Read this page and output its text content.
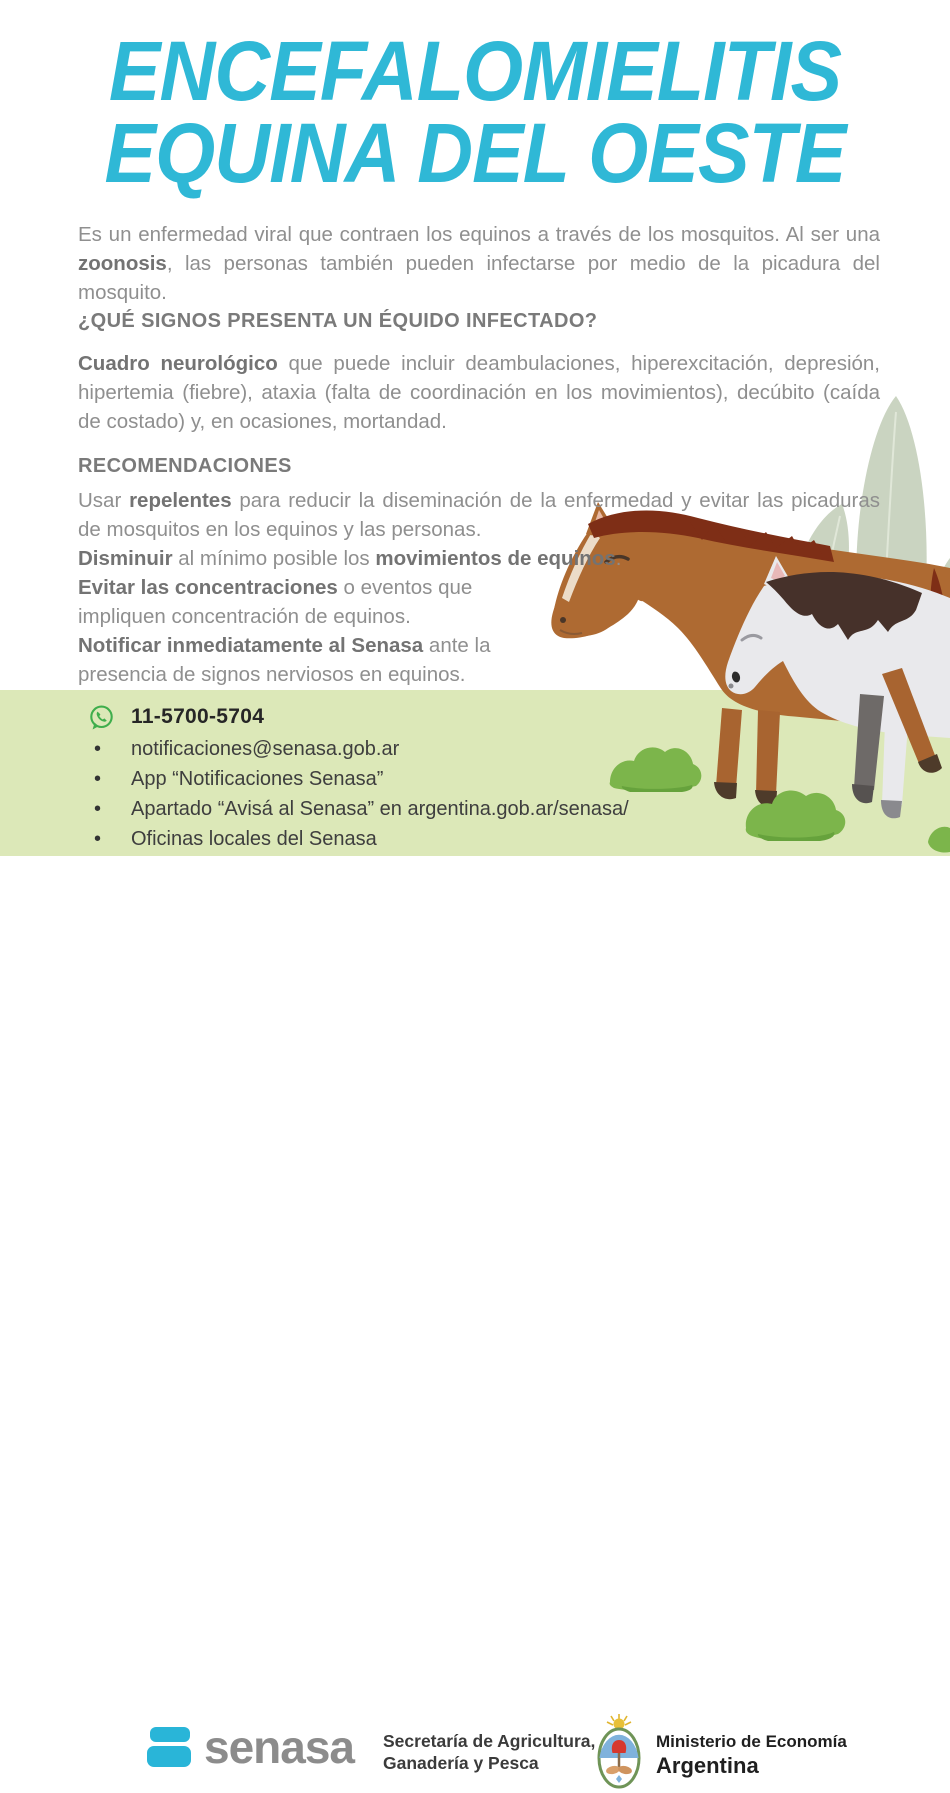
ENCEFALOMIELITIS
EQUINA DEL OESTE
11-5700-5704
•	notificaciones@senasa.gob.ar
•	App “Notificaciones Senasa”
•	Apartado “Avisá al Senasa” en argentina.gob.ar/senasa/
•	Oficinas locales del Senasa

Es un enfermedad viral que contraen los equinos a través de los mosquitos. Al ser una zoonosis, las personas también pueden infectarse por medio de la picadura del mosquito.

¿QUÉ SIGNOS PRESENTA UN ÉQUIDO INFECTADO?

Cuadro neurológico que puede incluir deambulaciones, hiperexcitación, depresión, hipertemia (fiebre), ataxia (falta de coordinación en los movimientos), decúbito (caída de costado) y, en ocasiones, mortandad.

RECOMENDACIONES

Usar repelentes para reducir la diseminación de la enfermedad y evitar las picaduras de mosquitos en los equinos y las personas.

Disminuir al mínimo posible los movimientos de equinos.

Evitar las concentraciones o eventos que impliquen concentración de equinos.

Notificar inmediatamente al Senasa ante la presencia de signos nerviosos en equinos.

senasa Secretaría de Agricultura,
Ganadería y Pesca
Ministerio de Economía
Argentina
